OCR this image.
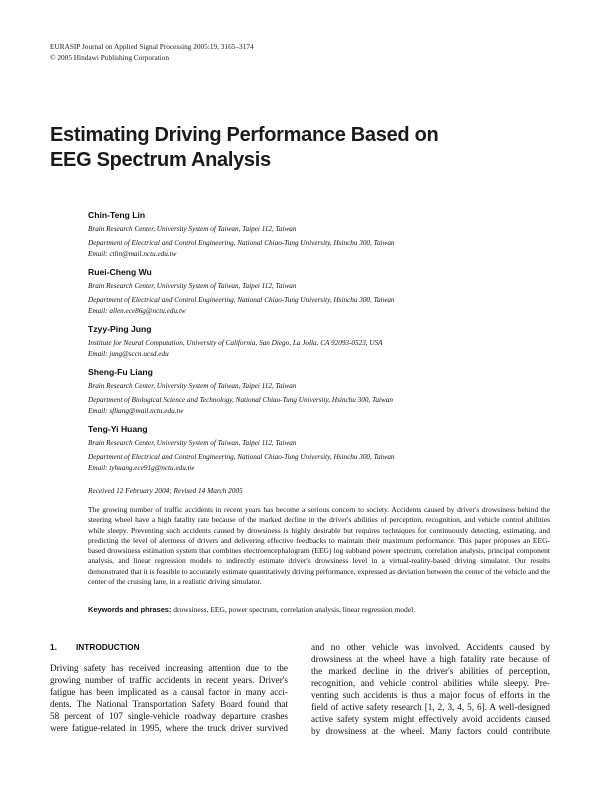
EURASIP Journal on Applied Signal Processing 2005:19, 3165–3174
© 2005 Hindawi Publishing Corporation
Estimating Driving Performance Based on
EEG Spectrum Analysis
Chin-Teng Lin
Brain Research Center, University System of Taiwan, Taipei 112, Taiwan
Department of Electrical and Control Engineering, National Chiao-Tung University, Hsinchu 300, Taiwan
Email: ctlin@mail.nctu.edu.tw
Ruei-Cheng Wu
Brain Research Center, University System of Taiwan, Taipei 112, Taiwan
Department of Electrical and Control Engineering, National Chiao-Tung University, Hsinchu 300, Taiwan
Email: allen.ece86g@nctu.edu.tw
Tzyy-Ping Jung
Institute for Neural Computation, University of California, San Diego, La Jolla, CA 92093-0523, USA
Email: jung@sccn.ucsd.edu
Sheng-Fu Liang
Brain Research Center, University System of Taiwan, Taipei 112, Taiwan
Department of Biological Science and Technology, National Chiao-Tung University, Hsinchu 300, Taiwan
Email: sfliang@mail.nctu.edu.tw
Teng-Yi Huang
Brain Research Center, University System of Taiwan, Taipei 112, Taiwan
Department of Electrical and Control Engineering, National Chiao-Tung University, Hsinchu 300, Taiwan
Email: tyhuang.ece91g@nctu.edu.tw
Received 12 February 2004; Revised 14 March 2005
The growing number of traffic accidents in recent years has become a serious concern to society. Accidents caused by driver's drowsiness behind the steering wheel have a high fatality rate because of the marked decline in the driver's abilities of perception, recognition, and vehicle control abilities while sleepy. Preventing such accidents caused by drowsiness is highly desirable but requires techniques for continuously detecting, estimating, and predicting the level of alertness of drivers and delivering effective feedbacks to maintain their maximum performance. This paper proposes an EEG-based drowsiness estimation system that combines electroencephalogram (EEG) log subband power spectrum, correlation analysis, principal component analysis, and linear regression models to indirectly estimate driver's drowsiness level in a virtual-reality-based driving simulator. Our results demonstrated that it is feasible to accurately estimate quantitatively driving performance, expressed as deviation between the center of the vehicle and the center of the cruising lane, in a realistic driving simulator.
Keywords and phrases: drowsiness, EEG, power spectrum, correlation analysis, linear regression model.
1. INTRODUCTION
Driving safety has received increasing attention due to the
growing number of traffic accidents in recent years. Driver's
fatigue has been implicated as a causal factor in many acci-
dents. The National Transportation Safety Board found that
58 percent of 107 single-vehicle roadway departure crashes
were fatigue-related in 1995, where the truck driver survived
and no other vehicle was involved. Accidents caused by
drowsiness at the wheel have a high fatality rate because of
the marked decline in the driver's abilities of perception,
recognition, and vehicle control abilities while sleepy. Pre-
venting such accidents is thus a major focus of efforts in the
field of active safety research [1, 2, 3, 4, 5, 6]. A well-designed
active safety system might effectively avoid accidents caused
by drowsiness at the wheel. Many factors could contribute
